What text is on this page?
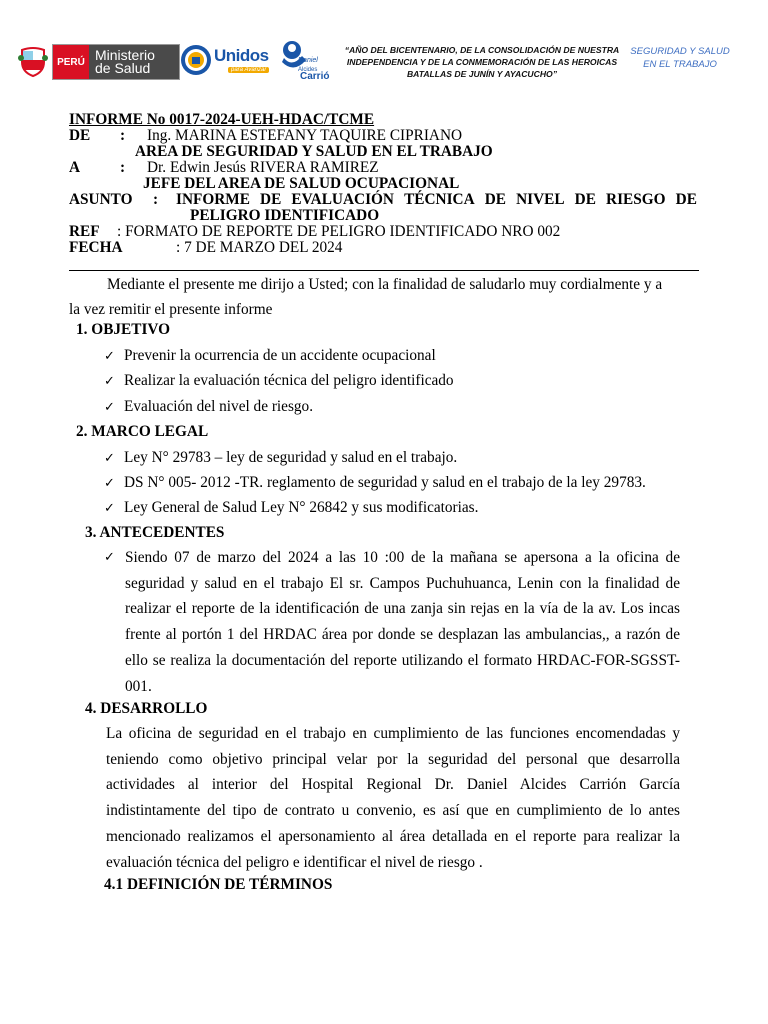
PERÚ Ministerio
de Salud
Unidos
para Avanzar
Daniel
Alcides
Carrió
“AÑO DEL BICENTENARIO, DE LA CONSOLIDACIÓN DE NUESTRA INDEPENDENCIA Y DE LA CONMEMORACIÓN DE LAS HEROICAS BATALLAS DE JUNÍN Y AYACUCHO”
SEGURIDAD Y SALUD EN EL TRABAJO
INFORME No 0017-2024-UEH-HDAC/TCME
DE : Ing. MARINA ESTEFANY TAQUIRE CIPRIANO
AREA DE SEGURIDAD Y SALUD EN EL TRABAJO
A	: Dr. Edwin Jesús RIVERA RAMIREZ
JEFE DEL AREA DE SALUD OCUPACIONAL
ASUNTO : INFORME DE EVALUACIÓN TÉCNICA DE NIVEL DE RIESGO DE
PELIGRO IDENTIFICADO
REF : FORMATO DE REPORTE DE PELIGRO IDENTIFICADO NRO 002
FECHA	: 7 DE MARZO DEL 2024
Mediante el presente me dirijo a Usted; con la finalidad de saludarlo muy cordialmente y a
la vez remitir el presente informe
1. OBJETIVO
✓ Prevenir la ocurrencia de un accidente ocupacional
✓ Realizar la evaluación técnica del peligro identificado
✓ Evaluación del nivel de riesgo.
2. MARCO LEGAL
✓ Ley N° 29783 – ley de seguridad y salud en el trabajo.
✓ DS N° 005- 2012 -TR. reglamento de seguridad y salud en el trabajo de la ley 29783.
✓ Ley General de Salud Ley N° 26842 y sus modificatorias.
3. ANTECEDENTES
✓ Siendo 07 de marzo del 2024 a las 10 :00 de la mañana se apersona a la oficina de seguridad y salud en el trabajo El sr. Campos Puchuhuanca, Lenin con la finalidad de realizar el reporte de la identificación de una zanja sin rejas en la vía de la av. Los incas frente al portón 1 del HRDAC área por donde se desplazan las ambulancias,, a razón de ello se realiza la documentación del reporte utilizando el formato HRDAC-FOR-SGSST-001.
4. DESARROLLO
La oficina de seguridad en el trabajo en cumplimiento de las funciones encomendadas y teniendo como objetivo principal velar por la seguridad del personal que desarrolla actividades al interior del Hospital Regional Dr. Daniel Alcides Carrión García indistintamente del tipo de contrato u convenio, es así que en cumplimiento de lo antes mencionado realizamos el apersonamiento al área detallada en el reporte para realizar la evaluación técnica del peligro e identificar el nivel de riesgo .
4.1 DEFINICIÓN DE TÉRMINOS
